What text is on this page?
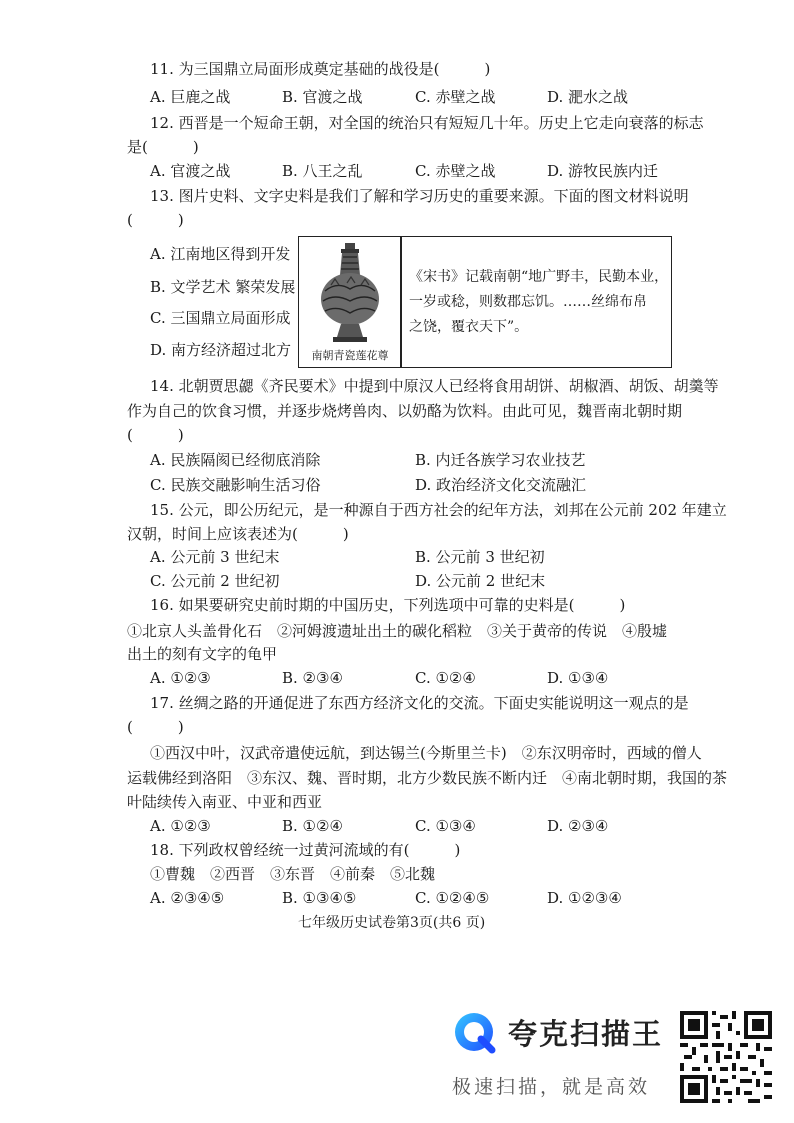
11. 为三国鼎立局面形成奠定基础的战役是(　　　)
A. 巨鹿之战	B. 官渡之战	C. 赤壁之战	D. 淝水之战
12. 西晋是一个短命王朝，对全国的统治只有短短几十年。历史上它走向衰落的标志
是(　　　)
A. 官渡之战	B. 八王之乱	C. 赤壁之战	D. 游牧民族内迁
13. 图片史料、文字史料是我们了解和学习历史的重要来源。下面的图文材料说明
(　　　)
A. 江南地区得到开发
B. 文学艺术 繁荣发展
C. 三国鼎立局面形成
D. 南方经济超过北方	南朝青瓷莲花尊
《宋书》记载南朝“地广野丰，民勤本业，
一岁或稔，则数郡忘饥。……丝绵布帛
之饶，覆衣天下”。
14. 北朝贾思勰《齐民要术》中提到中原汉人已经将食用胡饼、胡椒酒、胡饭、胡羹等
作为自己的饮食习惯，并逐步烧烤兽肉、以奶酪为饮料。由此可见，魏晋南北朝时期
(　　　)
A. 民族隔阂已经彻底消除	B. 内迁各族学习农业技艺
C. 民族交融影响生活习俗	D. 政治经济文化交流融汇
15. 公元，即公历纪元，是一种源自于西方社会的纪年方法，刘邦在公元前 202 年建立
汉朝，时间上应该表述为(　　　)
A. 公元前 3 世纪末	B. 公元前 3 世纪初
C. 公元前 2 世纪初	D. 公元前 2 世纪末
16. 如果要研究史前时期的中国历史，下列选项中可靠的史料是(　　　)
①北京人头盖骨化石　②河姆渡遗址出土的碳化稻粒　③关于黄帝的传说　④殷墟
出土的刻有文字的龟甲
A. ①②③	B. ②③④	C. ①②④	D. ①③④
17. 丝绸之路的开通促进了东西方经济文化的交流。下面史实能说明这一观点的是
(　　　)
①西汉中叶，汉武帝遣使远航，到达锡兰(今斯里兰卡)　②东汉明帝时，西域的僧人
运载佛经到洛阳　③东汉、魏、晋时期，北方少数民族不断内迁　④南北朝时期，我国的茶
叶陆续传入南亚、中亚和西亚
A. ①②③	B. ①②④	C. ①③④	D. ②③④
18. 下列政权曾经统一过黄河流域的有(　　　)
①曹魏　②西晋　③东晋　④前秦　⑤北魏
A. ②③④⑤	B. ①③④⑤	C. ①②④⑤	D. ①②③④
七年级历史试卷第3页(共6 页)
夸克扫描王
极速扫描，就是高效
